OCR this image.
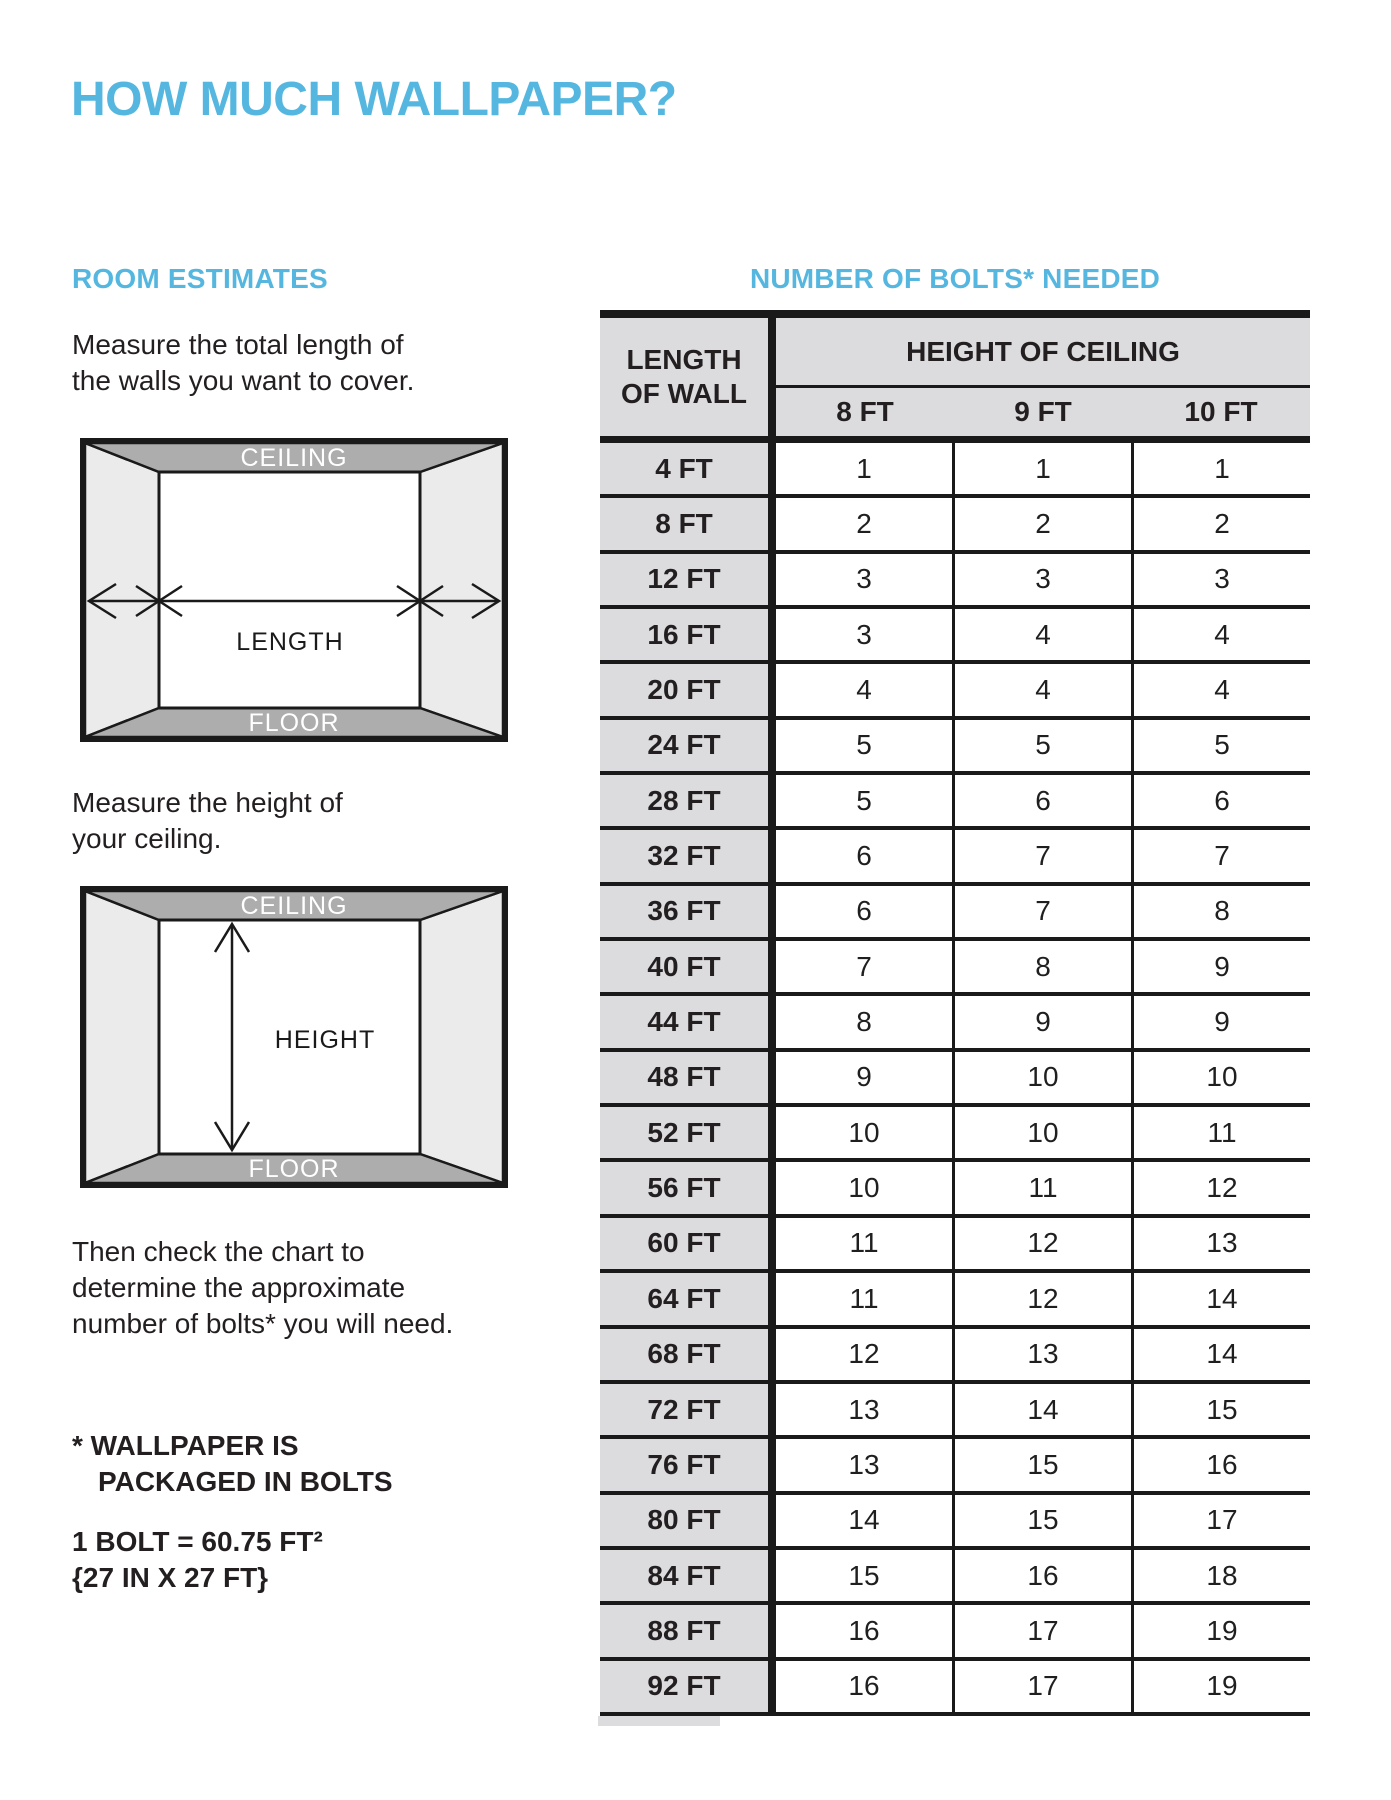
HOW MUCH WALLPAPER?
ROOM ESTIMATES
Measure the total length of
the walls you want to cover.
CEILING
FLOOR
LENGTH
Measure the height of
your ceiling.
CEILING
FLOOR
HEIGHT
Then check the chart to
determine the approximate
number of bolts* you will need.
* WALLPAPER IS
PACKAGED IN BOLTS
1 BOLT = 60.75 FT²
{27 IN X 27 FT}
NUMBER OF BOLTS* NEEDED
LENGTH
OF WALL
HEIGHT OF CEILING
8 FT	9 FT	10 FT
4 FT	1	1	1
8 FT	2	2	2
12 FT	3	3	3
16 FT	3	4	4
20 FT	4	4	4
24 FT	5	5	5
28 FT	5	6	6
32 FT	6	7	7
36 FT	6	7	8
40 FT	7	8	9
44 FT	8	9	9
48 FT	9	10	10
52 FT	10	10	11
56 FT	10	11	12
60 FT	11	12	13
64 FT	11	12	14
68 FT	12	13	14
72 FT	13	14	15
76 FT	13	15	16
80 FT	14	15	17
84 FT	15	16	18
88 FT	16	17	19
92 FT	16	17	19
